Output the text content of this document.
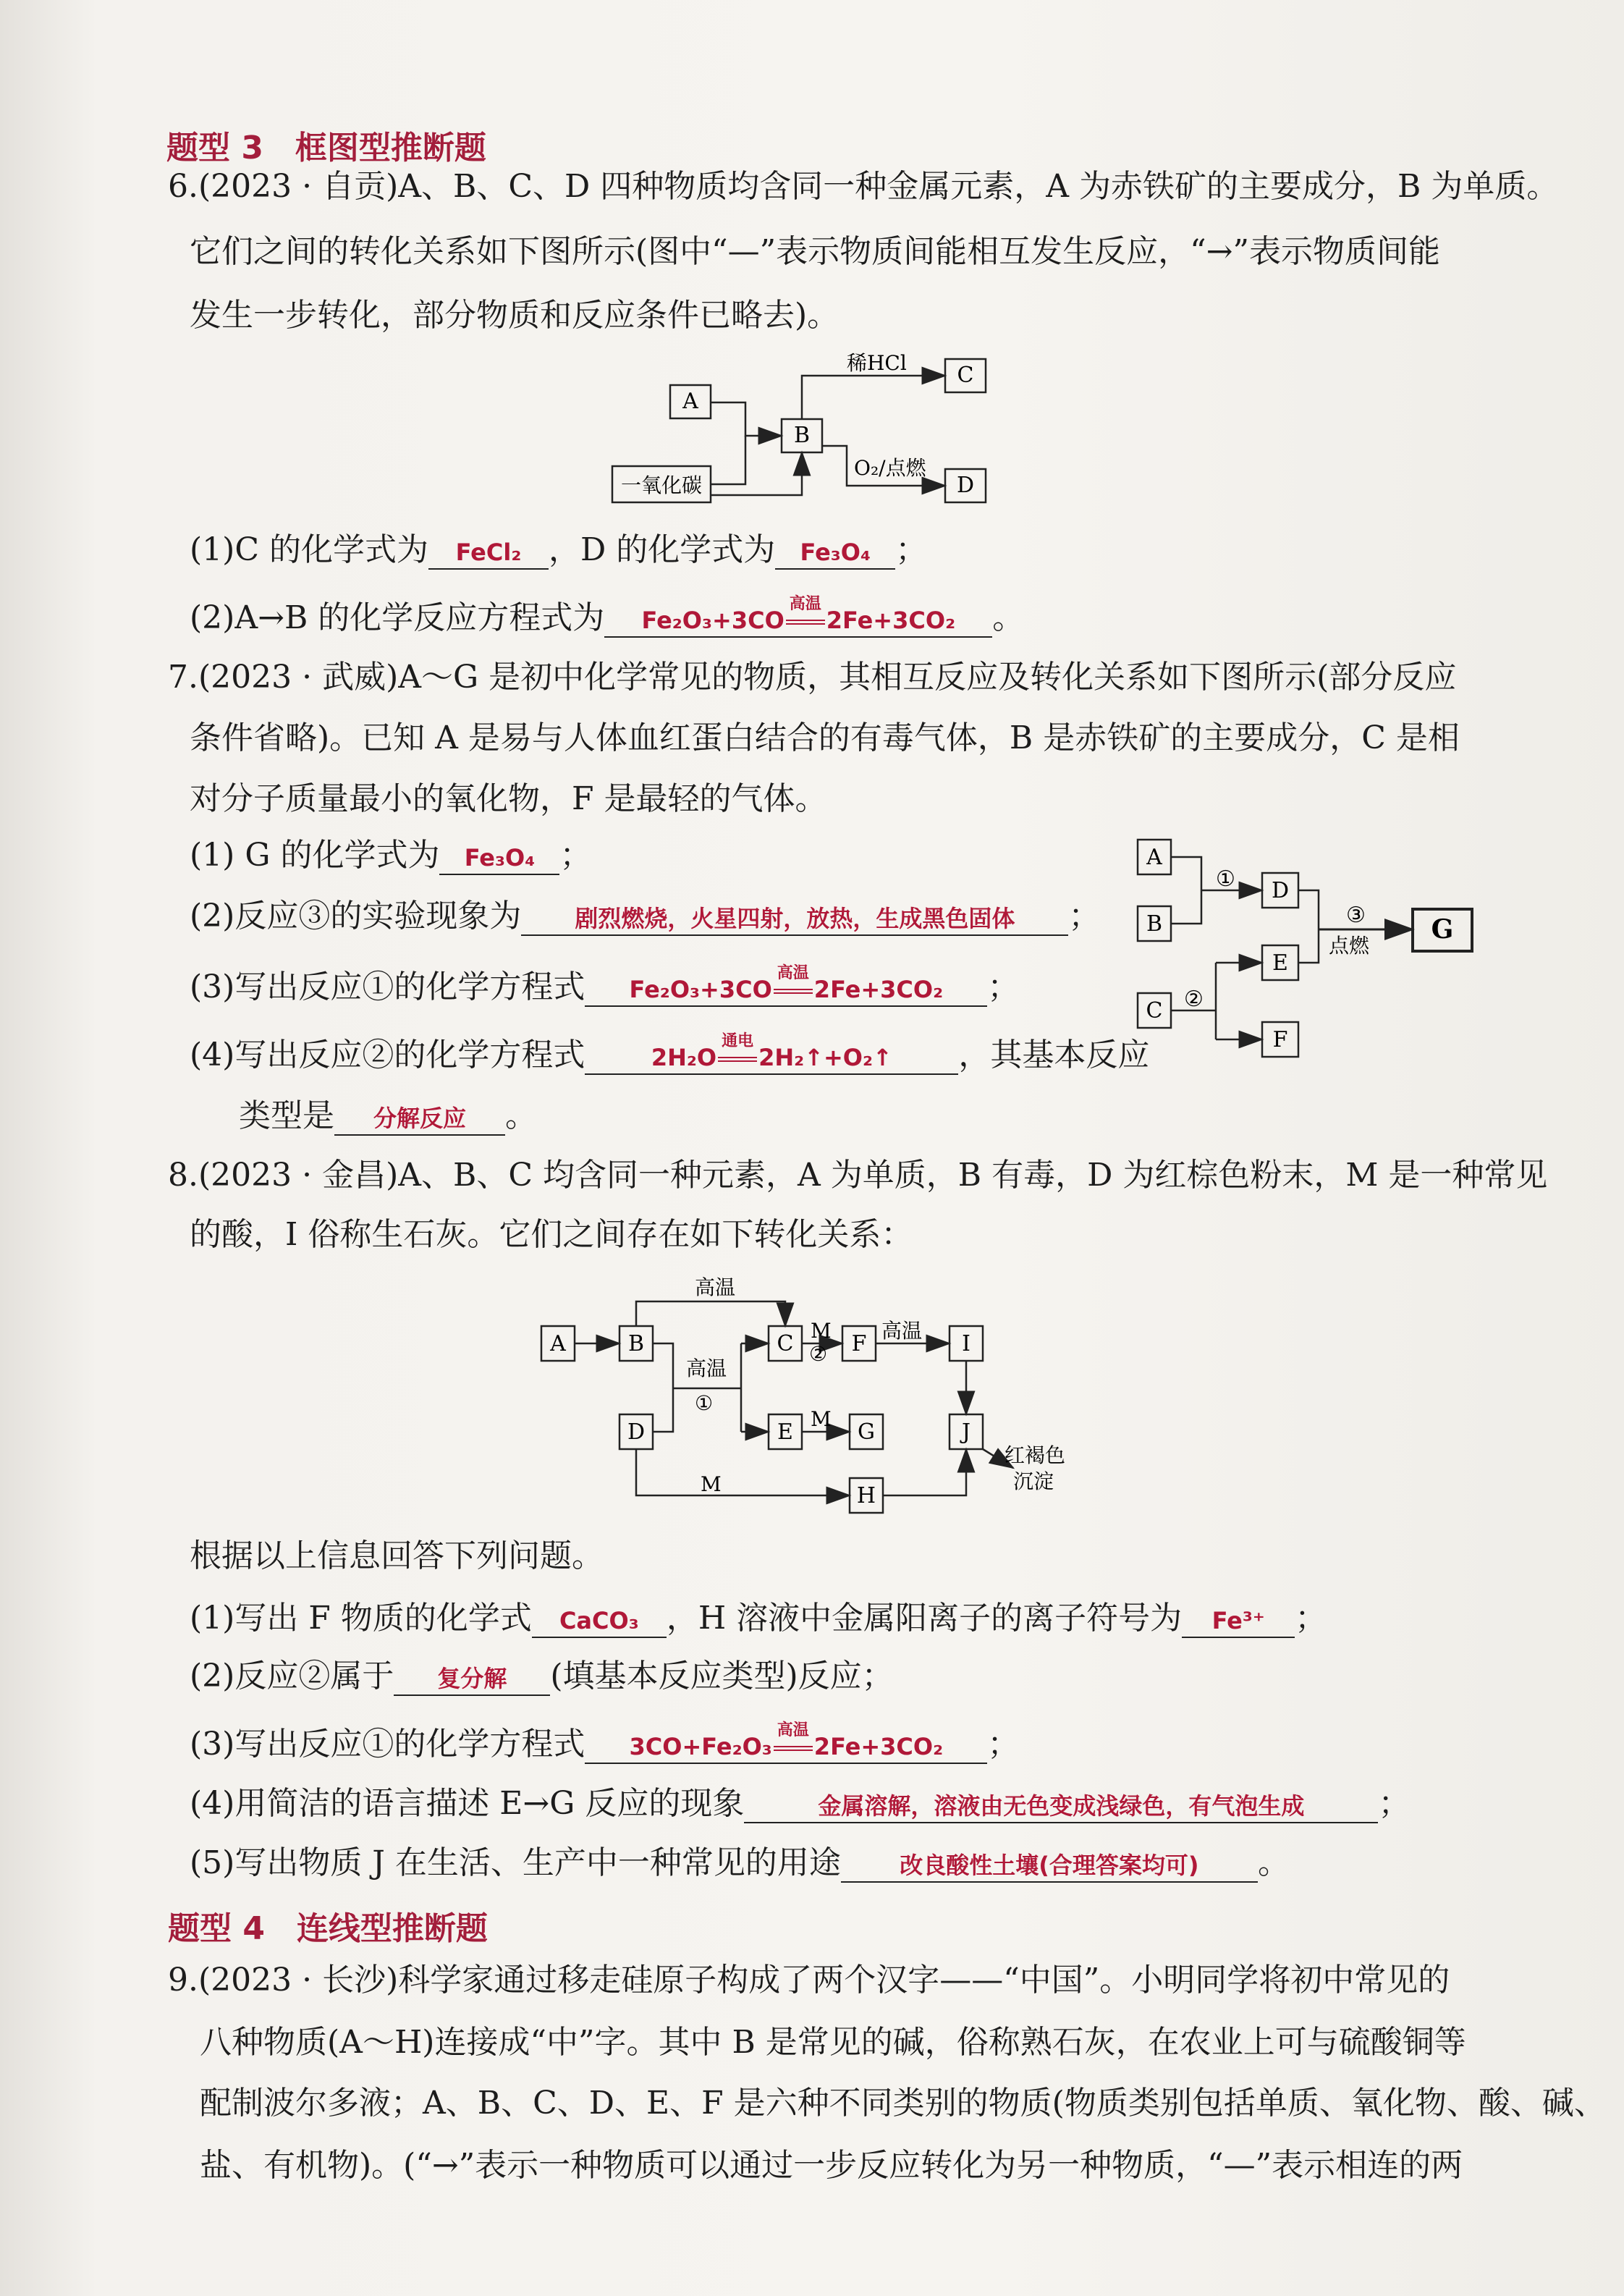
题型 3　框图型推断题
6.(2023 · 自贡)A、B、C、D 四种物质均含同一种金属元素，A 为赤铁矿的主要成分，B 为单质。
它们之间的转化关系如下图所示(图中“—”表示物质间能相互发生反应，“→”表示物质间能
发生一步转化，部分物质和反应条件已略去)。
A
B
C
D
一氧化碳
稀HCl
O₂/点燃
(1)C 的化学式为 FeCl₂ ，D 的化学式为 Fe₃O₄ ；
(2)A→B 的化学反应方程式为 Fe₂O₃+3CO
高温
2Fe+3CO₂ 。
7.(2023 · 武威)A～G 是初中化学常见的物质，其相互反应及转化关系如下图所示(部分反应
条件省略)。已知 A 是易与人体血红蛋白结合的有毒气体，B 是赤铁矿的主要成分，C 是相
对分子质量最小的氧化物，F 是最轻的气体。
A
B
D
E
F
C
G
①
②
③
点燃
(1) G 的化学式为 Fe₃O₄ ；
(2)反应③的实验现象为 剧烈燃烧，火星四射，放热，生成黑色固体 ；
(3)写出反应①的化学方程式 Fe₂O₃+3CO
高温
2Fe+3CO₂ ；
(4)写出反应②的化学方程式	2H₂O
通电
2H₂↑+O₂↑ ，其基本反应
类型是 分解反应 。
8.(2023 · 金昌)A、B、C 均含同一种元素，A 为单质，B 有毒，D 为红棕色粉末，M 是一种常见
的酸，I 俗称生石灰。它们之间存在如下转化关系：
A	B	C	F	I
D	E	G	J
H
高温
高温
高温
①
②
M
M
M
红褐色
沉淀
根据以上信息回答下列问题。
(1)写出 F 物质的化学式 CaCO₃ ，H 溶液中金属阳离子的离子符号为 Fe³⁺ ；
(2)反应②属于 复分解 (填基本反应类型)反应；
(3)写出反应①的化学方程式 3CO+Fe₂O₃
高温
2Fe+3CO₂ ；
(4)用简洁的语言描述 E→G 反应的现象	金属溶解，溶液由无色变成浅绿色，有气泡生成 ；
(5)写出物质 J 在生活、生产中一种常见的用途	改良酸性土壤(合理答案均可) 。
题型 4　连线型推断题
9.(2023 · 长沙)科学家通过移走硅原子构成了两个汉字——“中国”。小明同学将初中常见的
八种物质(A～H)连接成“中”字。其中 B 是常见的碱，俗称熟石灰，在农业上可与硫酸铜等
配制波尔多液；A、B、C、D、E、F 是六种不同类别的物质(物质类别包括单质、氧化物、酸、碱、
盐、有机物)。(“→”表示一种物质可以通过一步反应转化为另一种物质，“—”表示相连的两
